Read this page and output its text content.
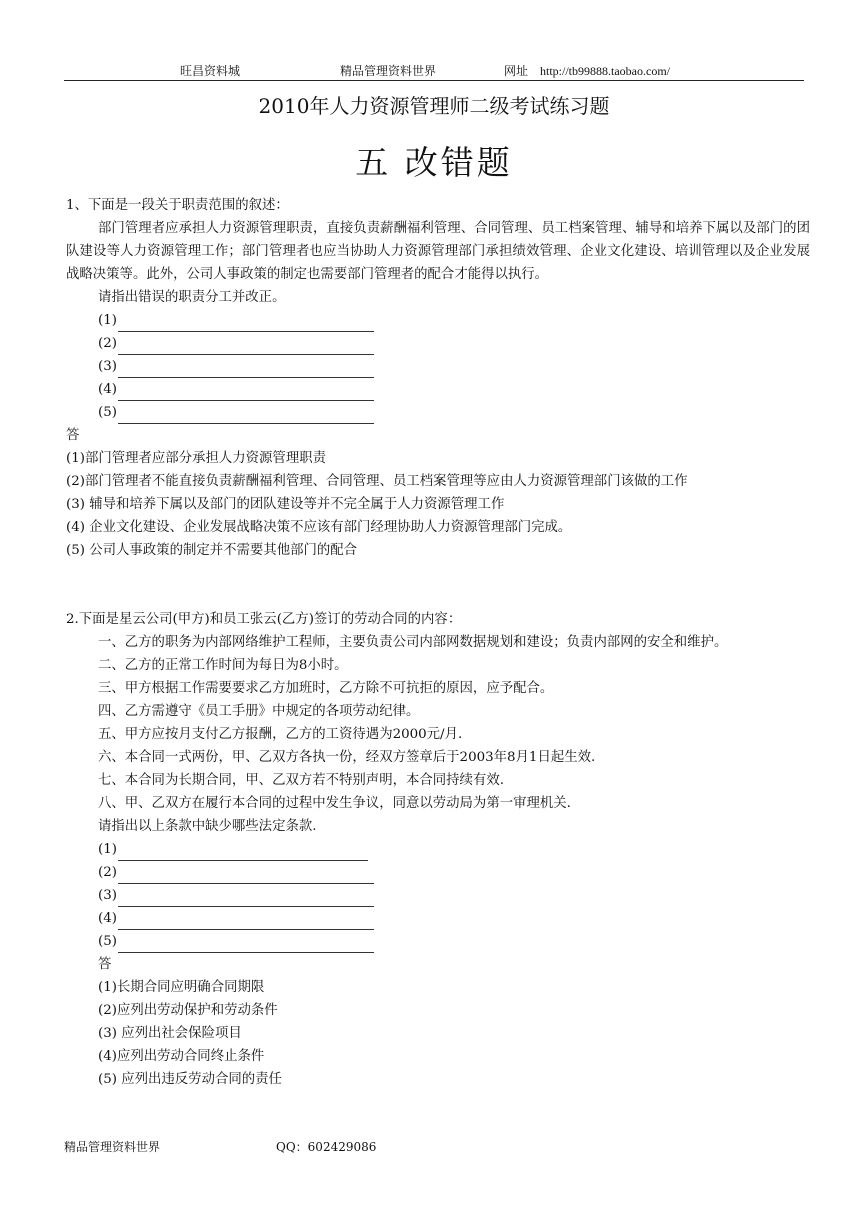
旺昌资料城	精品管理资料世界	网址 http://tb99888.taobao.com/
2010年人力资源管理师二级考试练习题
五 改错题
1、下面是一段关于职责范围的叙述：
部门管理者应承担人力资源管理职责，直接负责薪酬福利管理、合同管理、员工档案管理、辅导和培养下属以及部门的团队建设等人力资源管理工作；部门管理者也应当协助人力资源管理部门承担绩效管理、企业文化建设、培训管理以及企业发展战略决策等。此外，公司人事政策的制定也需要部门管理者的配合才能得以执行。
请指出错误的职责分工并改正。
(1)
(2)
(3)
(4)
(5)
答
(1)部门管理者应部分承担人力资源管理职责
(2)部门管理者不能直接负责薪酬福利管理、合同管理、员工档案管理等应由人力资源管理部门该做的工作
(3) 辅导和培养下属以及部门的团队建设等并不完全属于人力资源管理工作
(4) 企业文化建设、企业发展战略决策不应该有部门经理协助人力资源管理部门完成。
(5) 公司人事政策的制定并不需要其他部门的配合
2.下面是星云公司(甲方)和员工张云(乙方)签订的劳动合同的内容：
一、乙方的职务为内部网络维护工程师，主要负责公司内部网数据规划和建设；负责内部网的安全和维护。
二、乙方的正常工作时间为每日为8小时。
三、甲方根据工作需要要求乙方加班时，乙方除不可抗拒的原因，应予配合。
四、乙方需遵守《员工手册》中规定的各项劳动纪律。
五、甲方应按月支付乙方报酬，乙方的工资待遇为2000元/月.
六、本合同一式两份，甲、乙双方各执一份，经双方签章后于2003年8月1日起生效.
七、本合同为长期合同，甲、乙双方若不特别声明，本合同持续有效.
八、甲、乙双方在履行本合同的过程中发生争议，同意以劳动局为第一审理机关.
请指出以上条款中缺少哪些法定条款.
(1)
(2)
(3)
(4)
(5)
答
(1)长期合同应明确合同期限
(2)应列出劳动保护和劳动条件
(3) 应列出社会保险项目
(4)应列出劳动合同终止条件
(5) 应列出违反劳动合同的责任
精品管理资料世界	QQ：602429086
